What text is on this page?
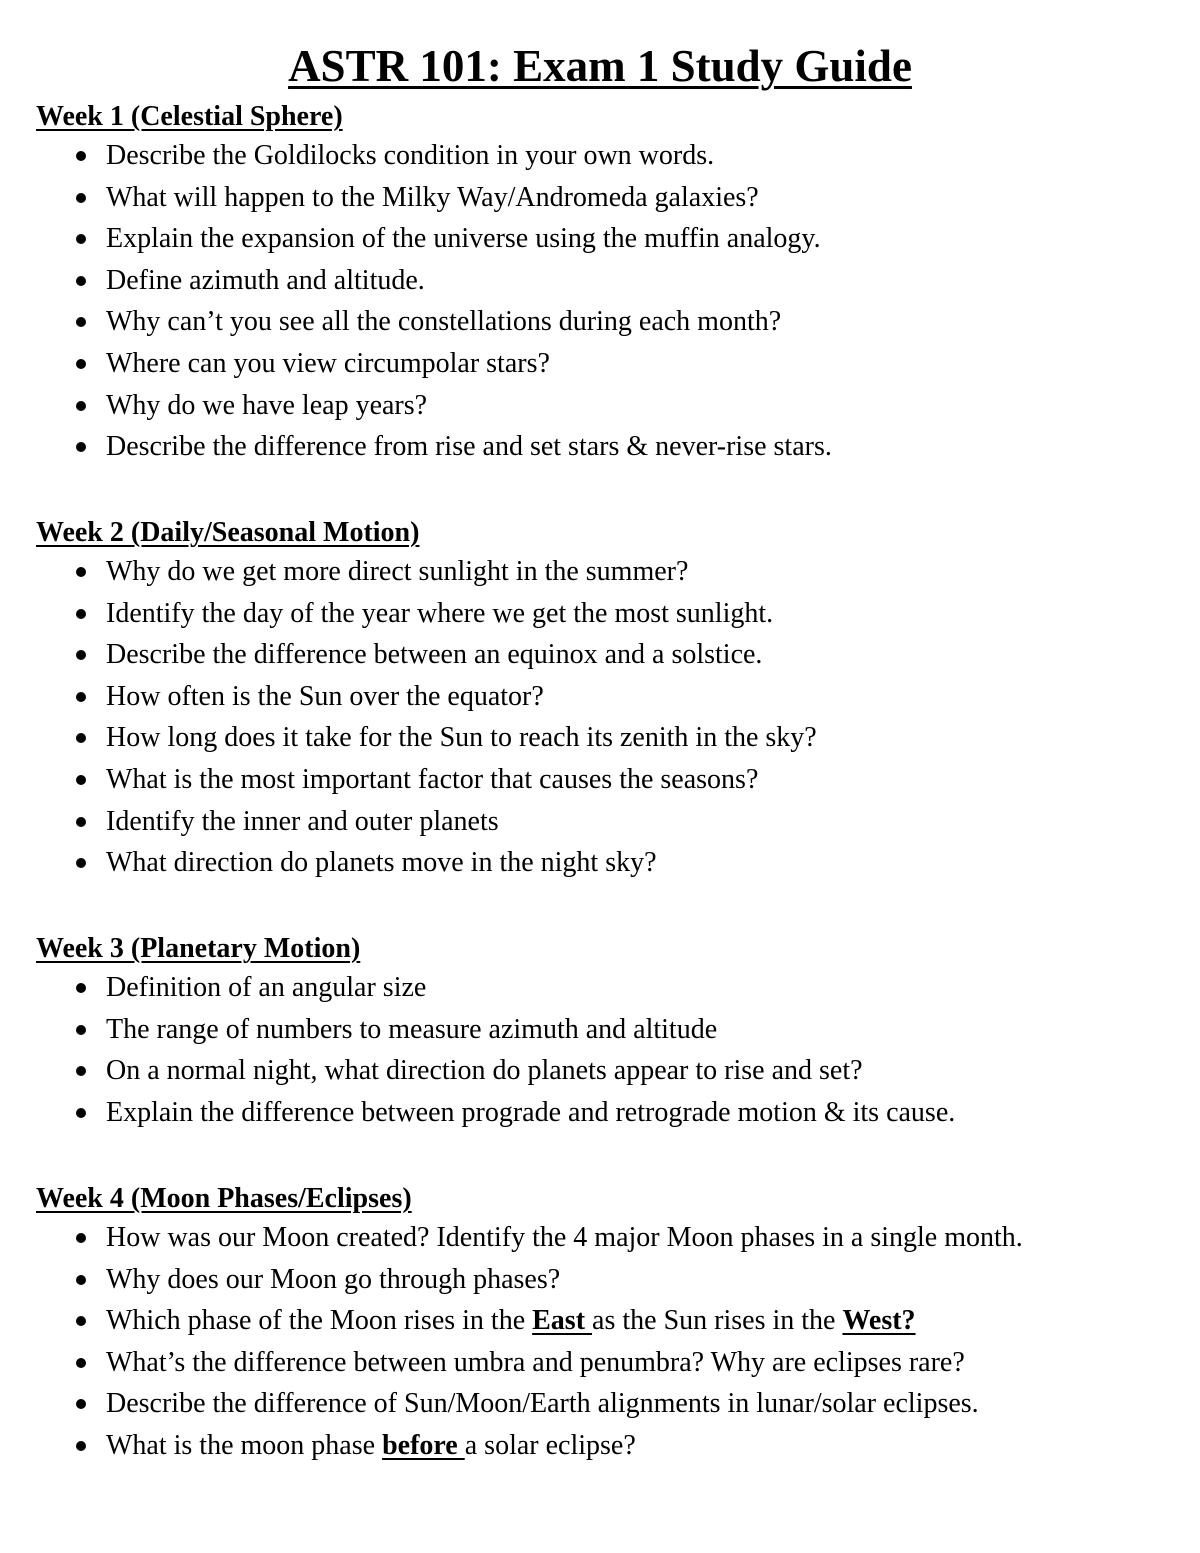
ASTR 101: Exam 1 Study Guide
Week 1 (Celestial Sphere)
Describe the Goldilocks condition in your own words.
What will happen to the Milky Way/Andromeda galaxies?
Explain the expansion of the universe using the muffin analogy.
Define azimuth and altitude.
Why can’t you see all the constellations during each month?
Where can you view circumpolar stars?
Why do we have leap years?
Describe the difference from rise and set stars & never-rise stars.
Week 2 (Daily/Seasonal Motion)
Why do we get more direct sunlight in the summer?
Identify the day of the year where we get the most sunlight.
Describe the difference between an equinox and a solstice.
How often is the Sun over the equator?
How long does it take for the Sun to reach its zenith in the sky?
What is the most important factor that causes the seasons?
Identify the inner and outer planets
What direction do planets move in the night sky?
Week 3 (Planetary Motion)
Definition of an angular size
The range of numbers to measure azimuth and altitude
On a normal night, what direction do planets appear to rise and set?
Explain the difference between prograde and retrograde motion & its cause.
Week 4 (Moon Phases/Eclipses)
How was our Moon created? Identify the 4 major Moon phases in a single month.
Why does our Moon go through phases?
Which phase of the Moon rises in the East as the Sun rises in the West?
What’s the difference between umbra and penumbra? Why are eclipses rare?
Describe the difference of Sun/Moon/Earth alignments in lunar/solar eclipses.
What is the moon phase before a solar eclipse?
